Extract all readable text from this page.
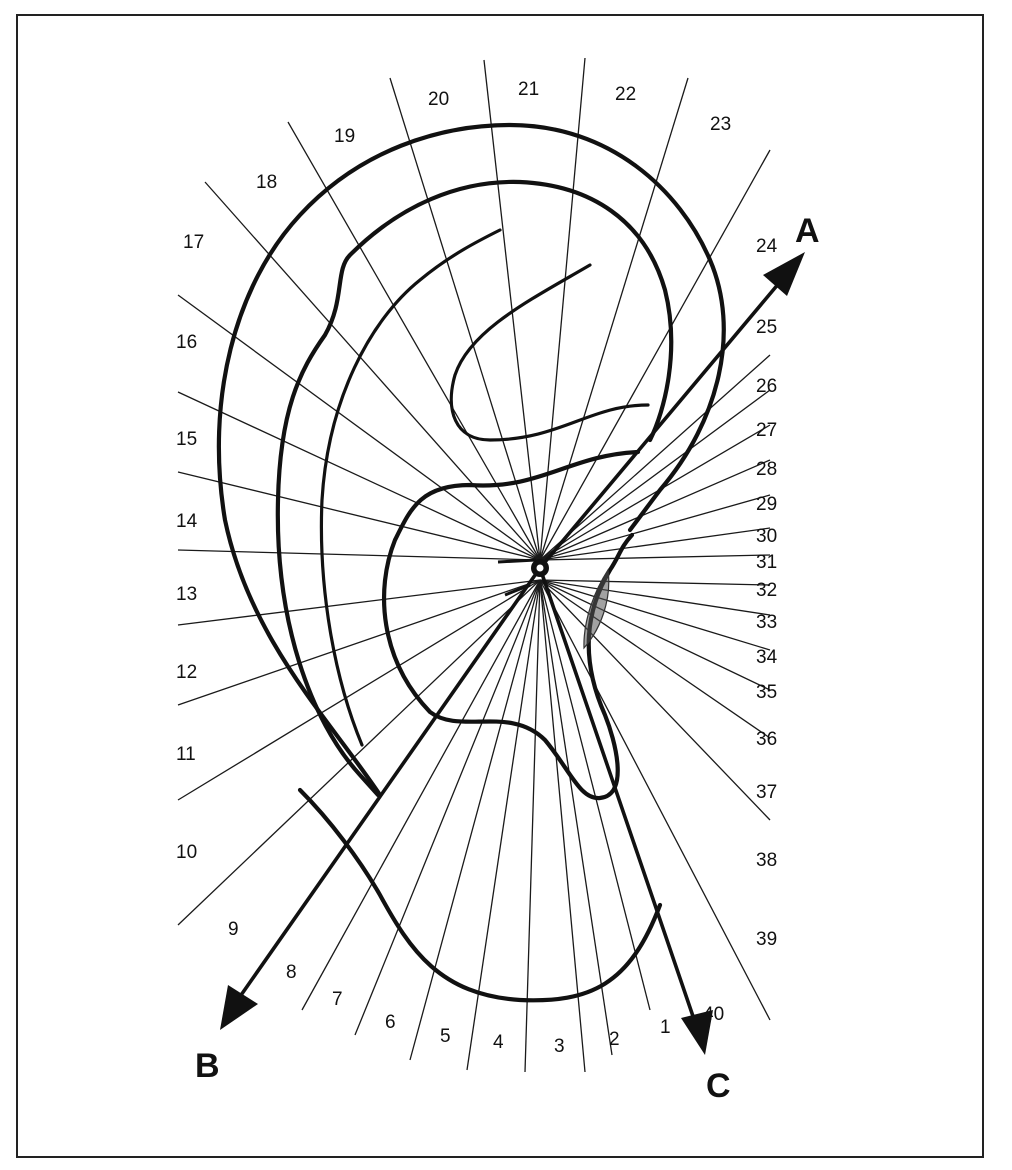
1
2
3
4
5
6
7
8
9
10
11
12
13
14
15
16
17
18
19
20	21	22
23
24
25
26
27
28
29
30
31
32
33
34
35
36
37
38
39
40
A
B
C
